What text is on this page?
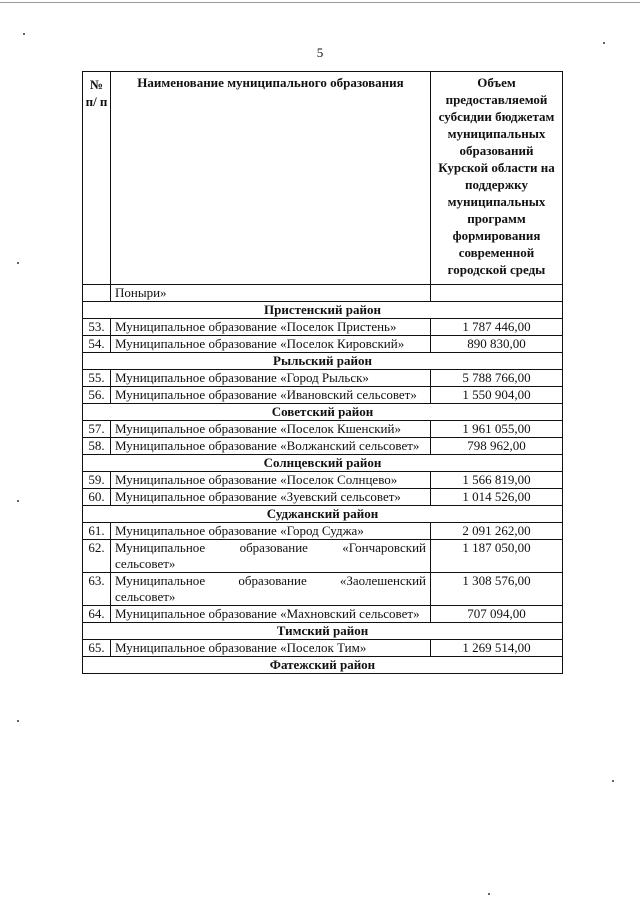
5
№ п/ п	Наименование муниципального образования	Объем предоставляемой субсидии бюджетам муниципальных образований Курской области на поддержку муниципальных программ формирования современной городской среды
	Поныри»	
Пристенский район		
53.	Муниципальное образование «Поселок Пристень»	1 787 446,00
54.	Муниципальное образование «Поселок Кировский»	890 830,00
Рыльский район		
55.	Муниципальное образование «Город Рыльск»	5 788 766,00
56.	Муниципальное образование «Ивановский сельсовет»	1 550 904,00
Советский район		
57.	Муниципальное образование «Поселок Кшенский»	1 961 055,00
58.	Муниципальное образование «Волжанский сельсовет»	798 962,00
Солнцевский район		
59.	Муниципальное образование «Поселок Солнцево»	1 566 819,00
60.	Муниципальное образование «Зуевский сельсовет»	1 014 526,00
Суджанский район		
61.	Муниципальное образование «Город Суджа»	2 091 262,00
62.	Муниципальное образование «Гончаровский сельсовет»	1 187 050,00
63.	Муниципальное образование «Заолешенский сельсовет»	1 308 576,00
64.	Муниципальное образование «Махновский сельсовет»	707 094,00
Тимский район		
65.	Муниципальное образование «Поселок Тим»	1 269 514,00
Фатежский район		
